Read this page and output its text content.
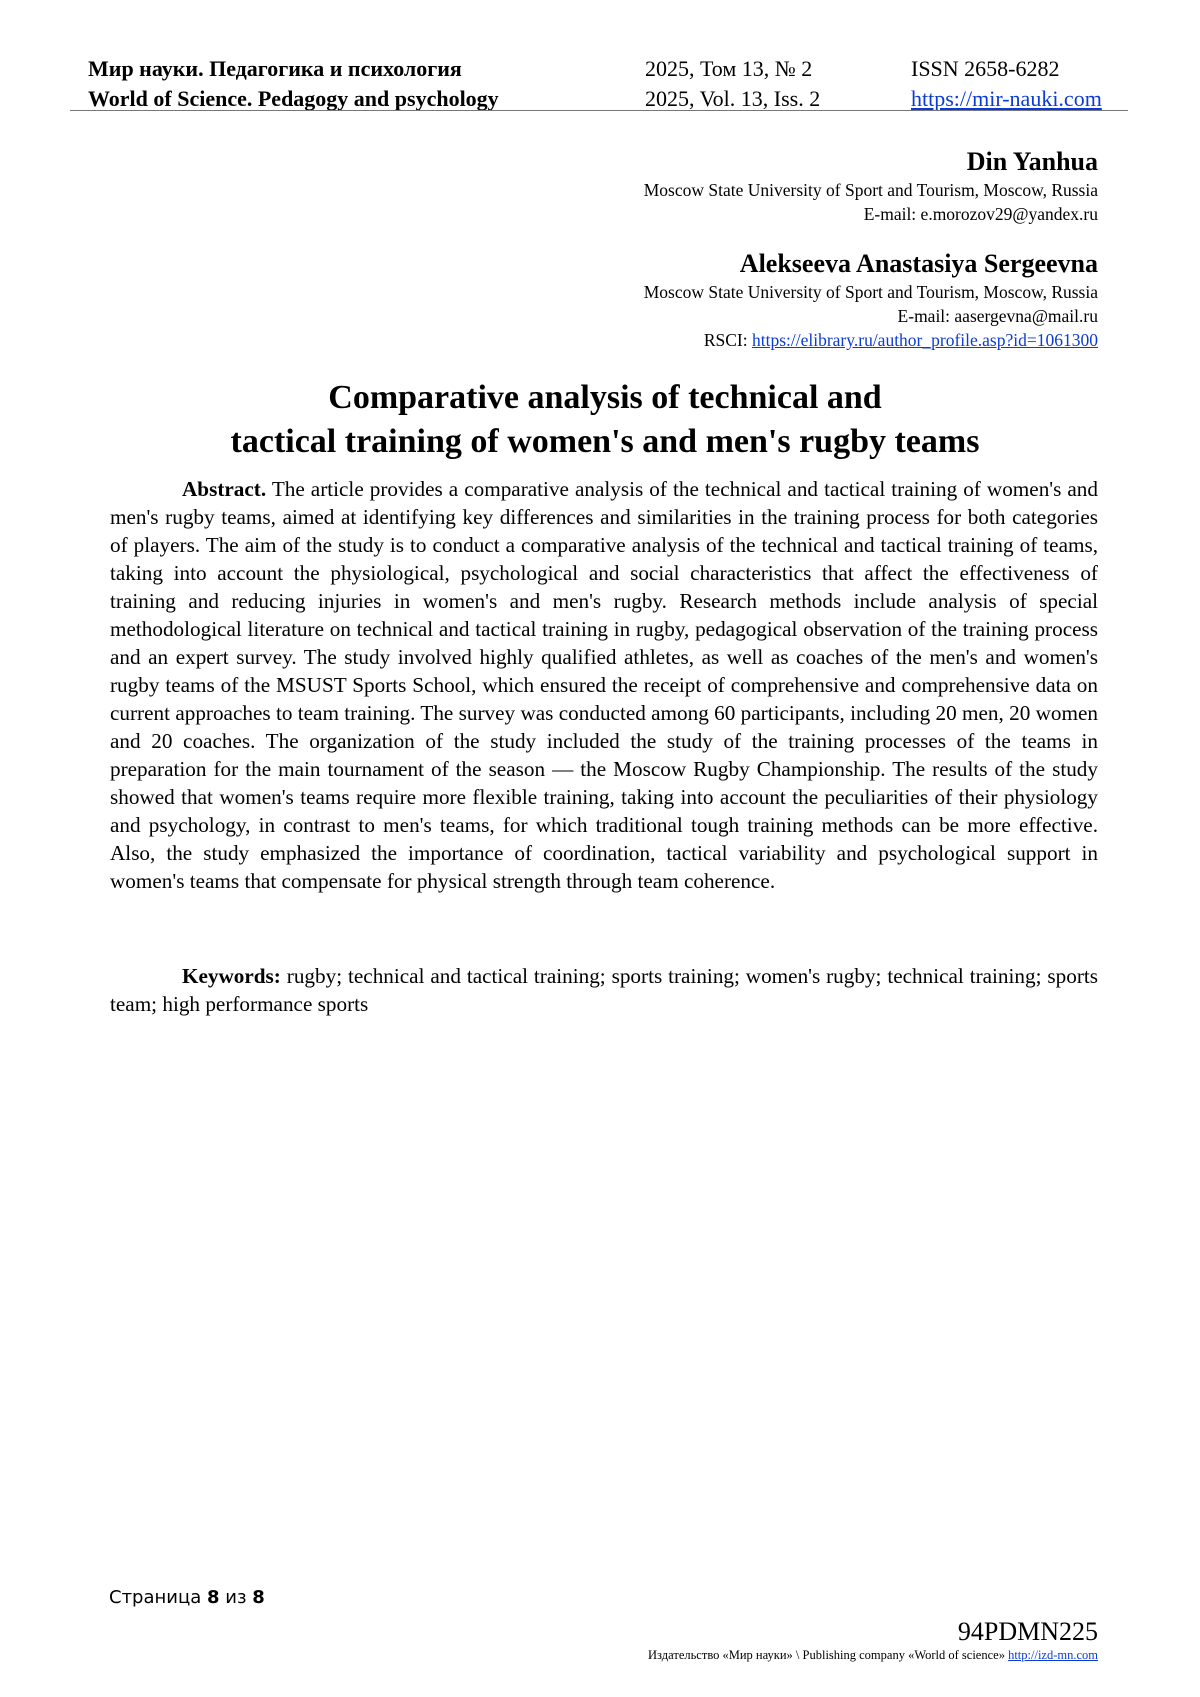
Мир науки. Педагогика и психология
World of Science. Pedagogy and psychology
2025, Том 13, № 2
2025, Vol. 13, Iss. 2
ISSN 2658-6282
https://mir-nauki.com
Din Yanhua
Moscow State University of Sport and Tourism, Moscow, Russia
E-mail: e.morozov29@yandex.ru
Alekseeva Anastasiya Sergeevna
Moscow State University of Sport and Tourism, Moscow, Russia
E-mail: aasergevna@mail.ru
RSCI: https://elibrary.ru/author_profile.asp?id=1061300
Comparative analysis of technical and
tactical training of women's and men's rugby teams
Abstract. The article provides a comparative analysis of the technical and tactical training of women's and men's rugby teams, aimed at identifying key differences and similarities in the training process for both categories of players. The aim of the study is to conduct a comparative analysis of the technical and tactical training of teams, taking into account the physiological, psychological and social characteristics that affect the effectiveness of training and reducing injuries in women's and men's rugby. Research methods include analysis of special methodological literature on technical and tactical training in rugby, pedagogical observation of the training process and an expert survey. The study involved highly qualified athletes, as well as coaches of the men's and women's rugby teams of the MSUST Sports School, which ensured the receipt of comprehensive and comprehensive data on current approaches to team training. The survey was conducted among 60 participants, including 20 men, 20 women and 20 coaches. The organization of the study included the study of the training processes of the teams in preparation for the main tournament of the season — the Moscow Rugby Championship. The results of the study showed that women's teams require more flexible training, taking into account the peculiarities of their physiology and psychology, in contrast to men's teams, for which traditional tough training methods can be more effective. Also, the study emphasized the importance of coordination, tactical variability and psychological support in women's teams that compensate for physical strength through team coherence.
Keywords: rugby; technical and tactical training; sports training; women's rugby; technical training; sports team; high performance sports
Страница 8 из 8
94PDMN225
Издательство «Мир науки» \ Publishing company «World of science» http://izd-mn.com
